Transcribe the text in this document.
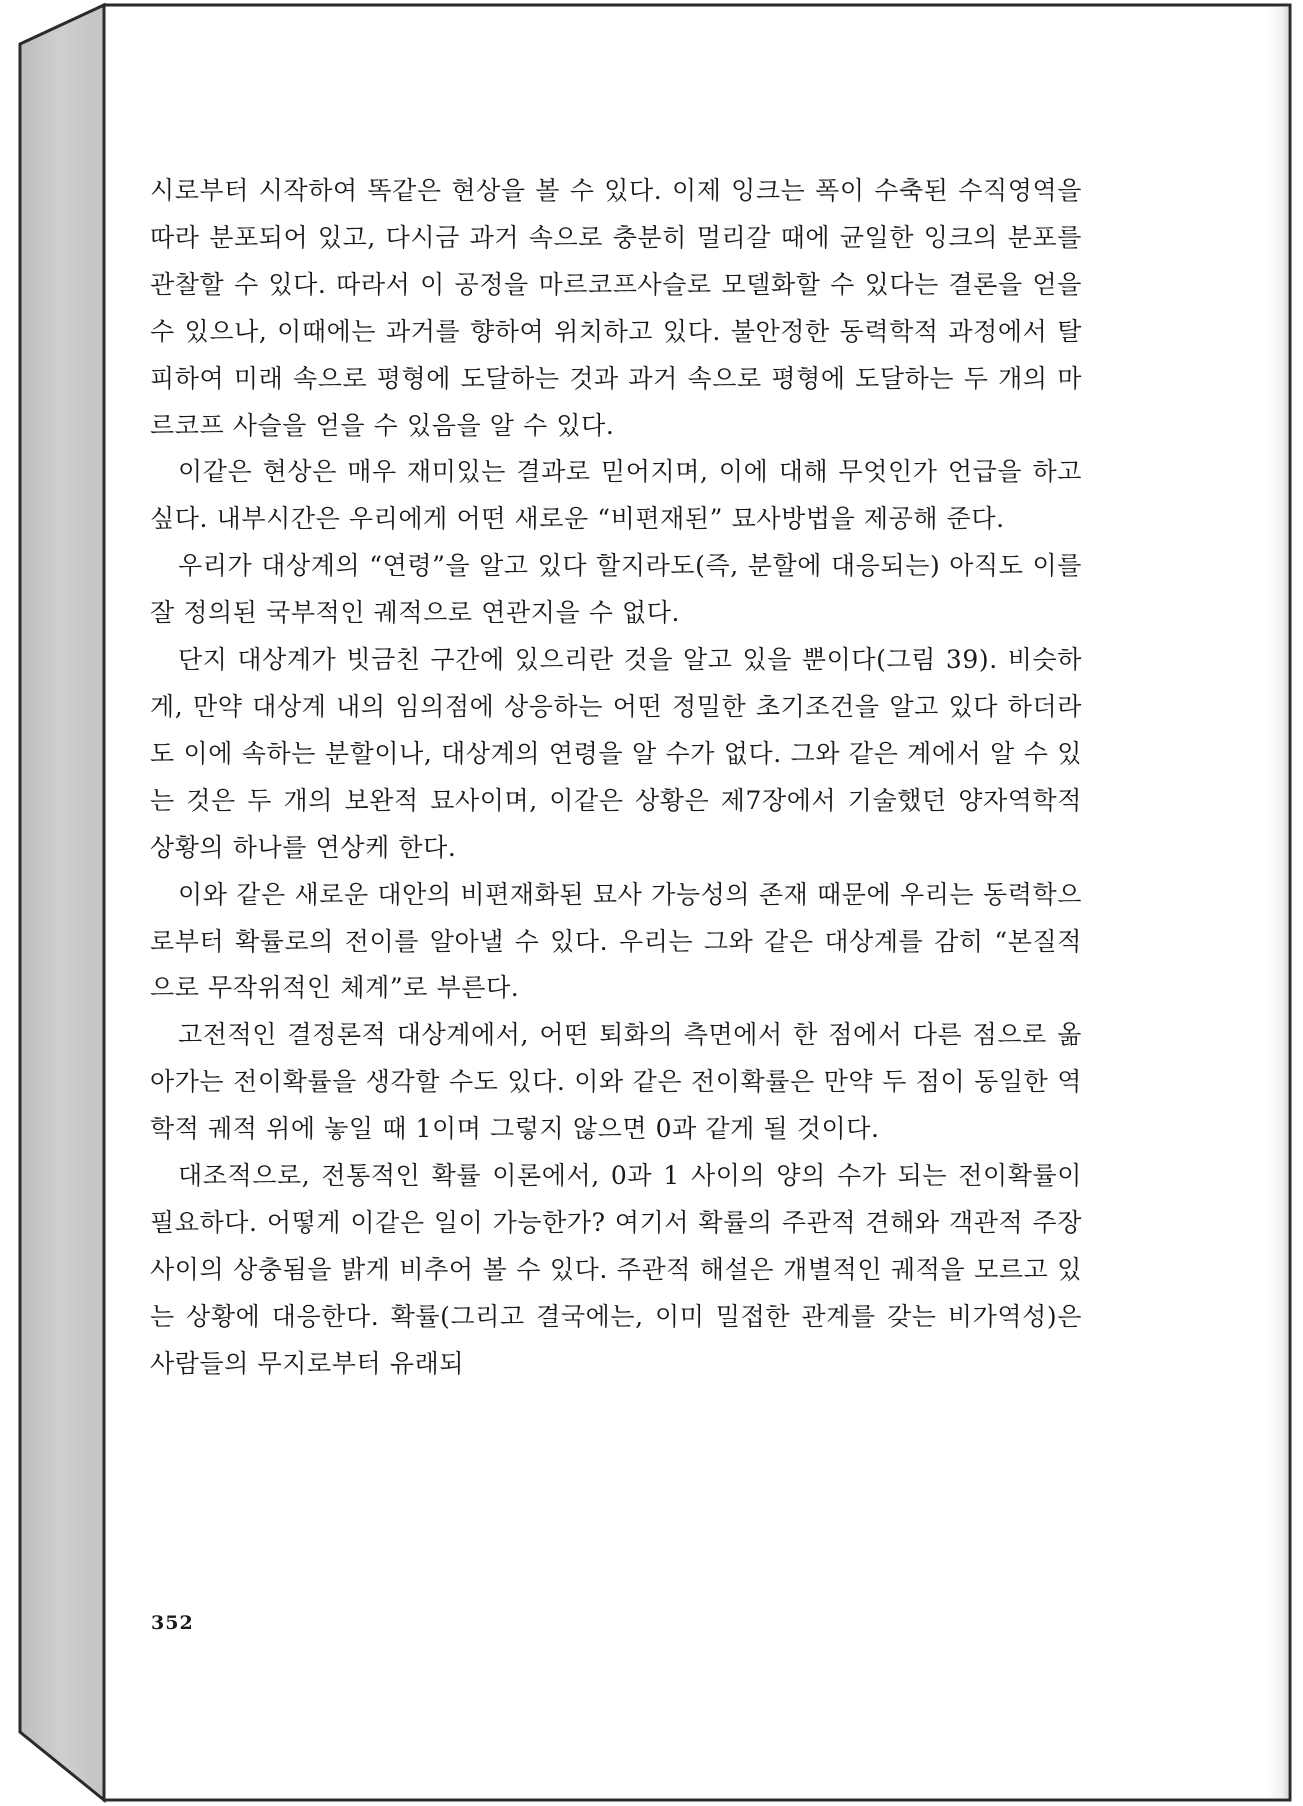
시로부터 시작하여 똑같은 현상을 볼 수 있다. 이제 잉크는 폭이 수축된 수직영역을 따라 분포되어 있고, 다시금 과거 속으로 충분히 멀리갈 때에 균일한 잉크의 분포를 관찰할 수 있다. 따라서 이 공정을 마르코프사슬로 모델화할 수 있다는 결론을 얻을 수 있으나, 이때에는 과거를 향하여 위치하고 있다. 불안정한 동력학적 과정에서 탈피하여 미래 속으로 평형에 도달하는 것과 과거 속으로 평형에 도달하는 두 개의 마르코프 사슬을 얻을 수 있음을 알 수 있다.

이같은 현상은 매우 재미있는 결과로 믿어지며, 이에 대해 무엇인가 언급을 하고 싶다. 내부시간은 우리에게 어떤 새로운 “비편재된” 묘사방법을 제공해 준다.

우리가 대상계의 “연령”을 알고 있다 할지라도(즉, 분할에 대응되는) 아직도 이를 잘 정의된 국부적인 궤적으로 연관지을 수 없다.

단지 대상계가 빗금친 구간에 있으리란 것을 알고 있을 뿐이다(그림 39). 비슷하게, 만약 대상계 내의 임의점에 상응하는 어떤 정밀한 초기조건을 알고 있다 하더라도 이에 속하는 분할이나, 대상계의 연령을 알 수가 없다. 그와 같은 계에서 알 수 있는 것은 두 개의 보완적 묘사이며, 이같은 상황은 제7장에서 기술했던 양자역학적 상황의 하나를 연상케 한다.

이와 같은 새로운 대안의 비편재화된 묘사 가능성의 존재 때문에 우리는 동력학으로부터 확률로의 전이를 알아낼 수 있다. 우리는 그와 같은 대상계를 감히 “본질적으로 무작위적인 체계”로 부른다.

고전적인 결정론적 대상계에서, 어떤 퇴화의 측면에서 한 점에서 다른 점으로 옮아가는 전이확률을 생각할 수도 있다. 이와 같은 전이확률은 만약 두 점이 동일한 역학적 궤적 위에 놓일 때 1이며 그렇지 않으면 0과 같게 될 것이다.

대조적으로, 전통적인 확률 이론에서, 0과 1 사이의 양의 수가 되는 전이확률이 필요하다. 어떻게 이같은 일이 가능한가? 여기서 확률의 주관적 견해와 객관적 주장 사이의 상충됨을 밝게 비추어 볼 수 있다. 주관적 해설은 개별적인 궤적을 모르고 있는 상황에 대응한다. 확률(그리고 결국에는, 이미 밀접한 관계를 갖는 비가역성)은 사람들의 무지로부터 유래되

352
